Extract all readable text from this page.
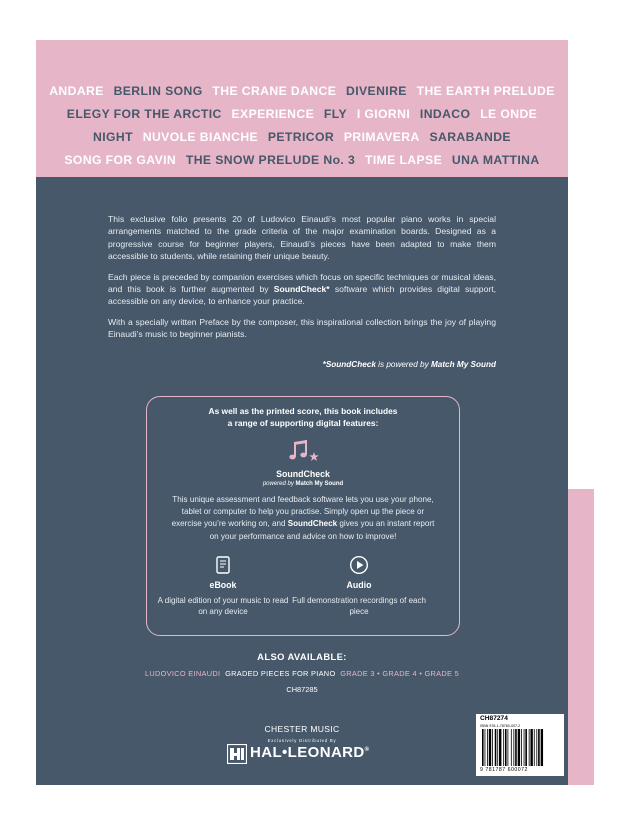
ANDARE BERLIN SONG THE CRANE DANCE DIVENIRE THE EARTH PRELUDE ELEGY FOR THE ARCTIC EXPERIENCE FLY I GIORNI INDACO LE ONDE NIGHT NUVOLE BIANCHE PETRICOR PRIMAVERA SARABANDE SONG FOR GAVIN THE SNOW PRELUDE No. 3 TIME LAPSE UNA MATTINA

This exclusive folio presents 20 of Ludovico Einaudi’s most popular piano works in special arrangements matched to the grade criteria of the major examination boards. Designed as a progressive course for beginner players, Einaudi’s pieces have been adapted to make them accessible to students, while retaining their unique beauty.

Each piece is preceded by companion exercises which focus on specific techniques or musical ideas, and this book is further augmented by SoundCheck* software which provides digital support, accessible on any device, to enhance your practice.

With a specially written Preface by the composer, this inspirational collection brings the joy of playing Einaudi’s music to beginner pianists.

*SoundCheck is powered by Match My Sound
As well as the printed score, this book includes
a range of supporting digital features:
SoundCheck
powered by Match My Sound
This unique assessment and feedback software lets you use your phone, tablet or computer to help you practise. Simply open up the piece or exercise you’re working on, and SoundCheck gives you an instant report on your performance and advice on how to improve!
eBook
A digital edition of your music to read on any device
Audio
Full demonstration recordings of each piece
ALSO AVAILABLE:
LUDOVICO EINAUDI GRADED PIECES FOR PIANO GRADE 3 • GRADE 4 • GRADE 5
CH87285
CHESTER MUSIC
Exclusively Distributed By
HAL•LEONARD®
CH87274
ISBN 978-1-78760-007-2
9 781787 600072
